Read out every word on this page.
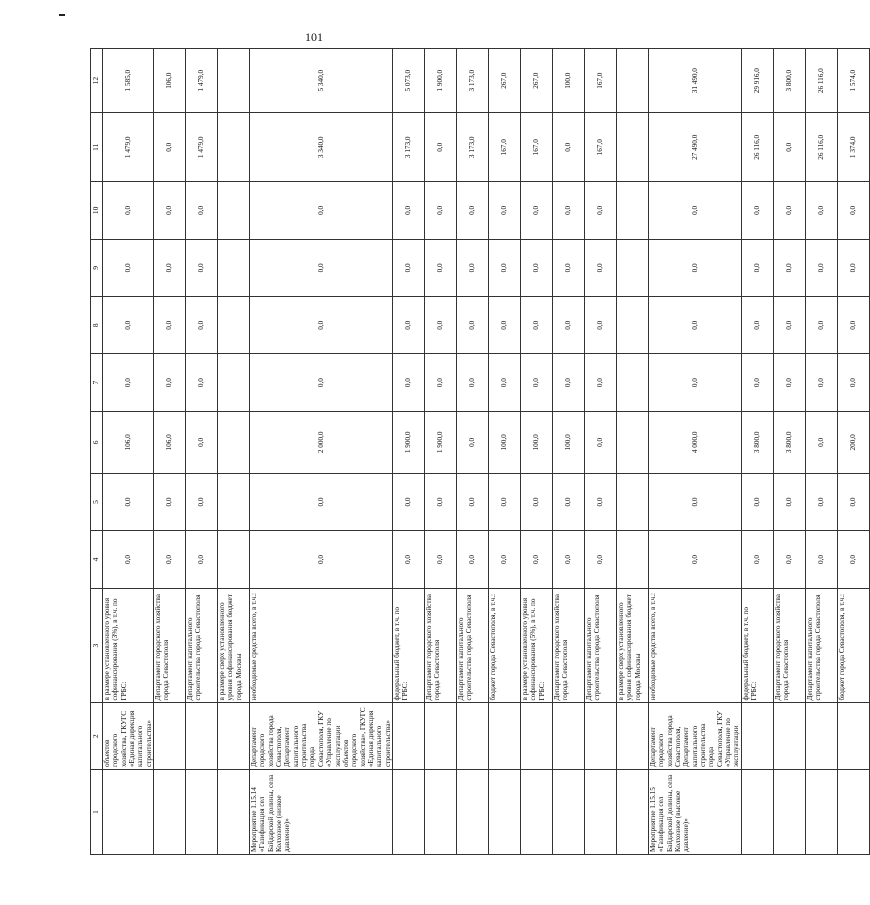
101
1	2	3	4	5	6	7	8	9	10	11	12
	объектов городского хозяйства, ГКУГС «Единая дирекция капитального строительства»	в размере установленного уровня софинансирования (3%), в т.ч. по ГРБС:	0,0	0,0	106,0	0,0	0,0	0,0	0,0	1 479,0	1 585,0
		Департамент городского хозяйства города Севастополя	0,0	0,0	106,0	0,0	0,0	0,0	0,0	0,0	106,0
		Департамент капитального строительства города Севастополя	0,0	0,0	0,0	0,0	0,0	0,0	0,0	1 479,0	1 479,0
		в размере сверх установленного уровня софинансирования бюджет города Москвы									
Мероприятие 1.15.14 «Газификация сел Байдарской долины, села Колхозное (низкое давление)»	Департамент городского хозяйства города Севастополя, Департамент капитального строительства города Севастополя, ГКУ «Управление по эксплуатации объектов городского хозяйства», ГКУГС «Единая дирекция капитального строительства»	необходимые средства всего, в т.ч.:	0,0	0,0	2 000,0	0,0	0,0	0,0	0,0	3 340,0	5 340,0
		федеральный бюджет, в т.ч. по ГРБС:	0,0	0,0	1 900,0	0,0	0,0	0,0	0,0	3 173,0	5 073,0
		Департамент городского хозяйства города Севастополя	0,0	0,0	1 900,0	0,0	0,0	0,0	0,0	0,0	1 900,0
		Департамент капитального строительства города Севастополя	0,0	0,0	0,0	0,0	0,0	0,0	0,0	3 173,0	3 173,0
		бюджет города Севастополя, в т.ч.:	0,0	0,0	100,0	0,0	0,0	0,0	0,0	167,0	267,0
		в размере установленного уровня софинансирования (5%), в т.ч. по ГРБС:	0,0	0,0	100,0	0,0	0,0	0,0	0,0	167,0	267,0
		Департамент городского хозяйства города Севастополя	0,0	0,0	100,0	0,0	0,0	0,0	0,0	0,0	100,0
		Департамент капитального строительства города Севастополя	0,0	0,0	0,0	0,0	0,0	0,0	0,0	167,0	167,0
		в размере сверх установленного уровня софинансирования бюджет города Москвы									
Мероприятие 1.15.15 «Газификация сел Байдарской долины, села Колхозное (высокое давление)»	Департамент городского хозяйства города Севастополя, Департамент капитального строительства города Севастополя, ГКУ «Управление по эксплуатации	необходимые средства всего, в т.ч.:	0,0	0,0	4 000,0	0,0	0,0	0,0	0,0	27 490,0	31 490,0
		федеральный бюджет, в т.ч. по ГРБС:	0,0	0,0	3 800,0	0,0	0,0	0,0	0,0	26 116,0	29 916,0
		Департамент городского хозяйства города Севастополя	0,0	0,0	3 800,0	0,0	0,0	0,0	0,0	0,0	3 800,0
		Департамент капитального строительства города Севастополя	0,0	0,0	0,0	0,0	0,0	0,0	0,0	26 116,0	26 116,0
		бюджет города Севастополя, в т.ч.:	0,0	0,0	200,0	0,0	0,0	0,0	0,0	1 374,0	1 574,0
